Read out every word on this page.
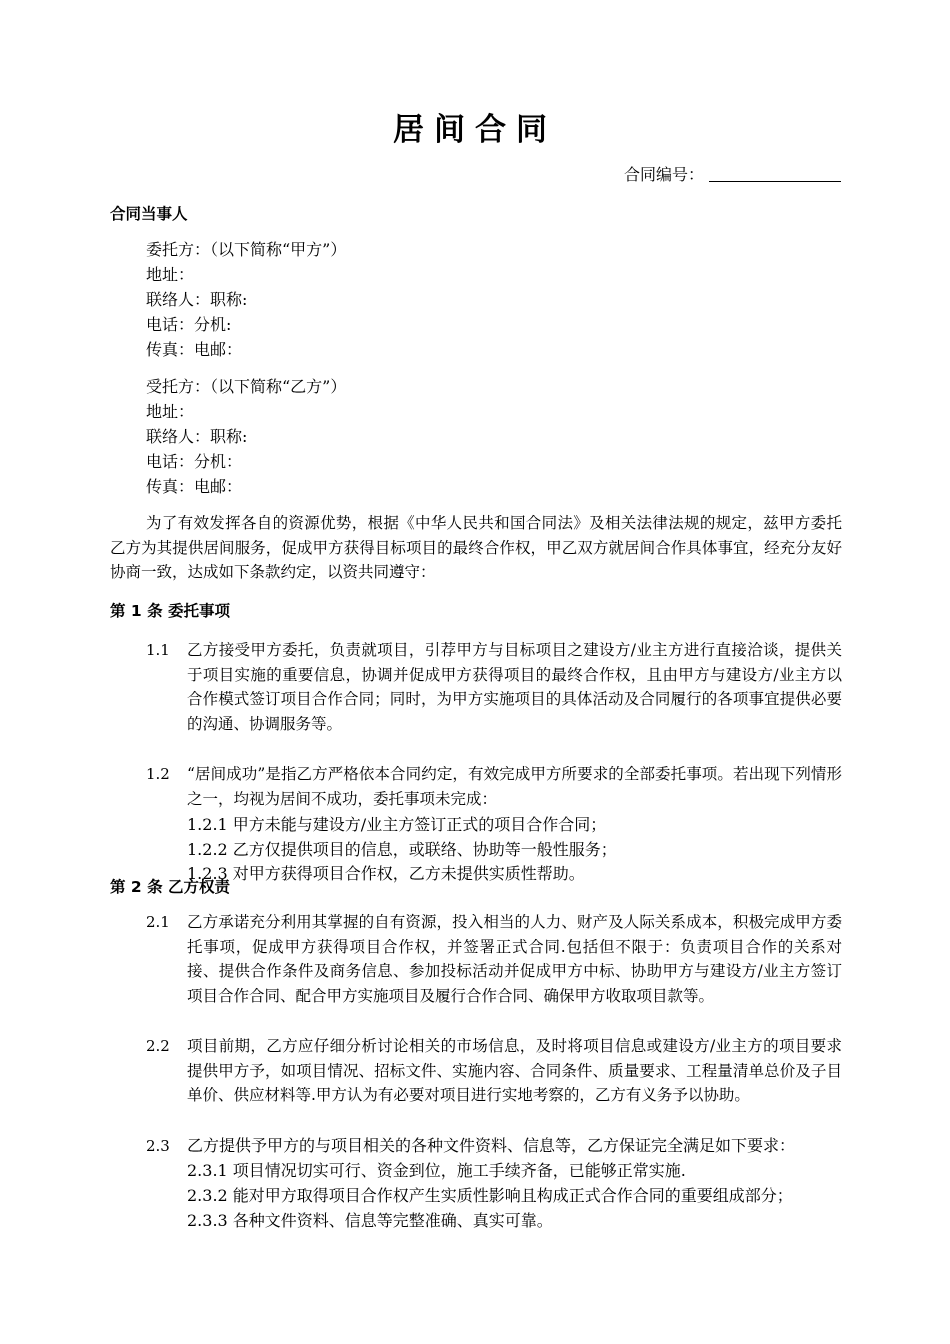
居间合同
合同编号：
合同当事人
委托方：（以下简称“甲方”）
地址：
联络人：职称:
电话：分机:
传真：电邮：
受托方：（以下简称“乙方”）
地址：
联络人：职称:
电话：分机：
传真：电邮：
为了有效发挥各自的资源优势，根据《中华人民共和国合同法》及相关法律法规的规定，兹甲方委托乙方为其提供居间服务，促成甲方获得目标项目的最终合作权，甲乙双方就居间合作具体事宜，经充分友好协商一致，达成如下条款约定，以资共同遵守：
第 1 条 委托事项
1.1 乙方接受甲方委托，负责就项目，引荐甲方与目标项目之建设方/业主方进行直接洽谈，提供关于项目实施的重要信息，协调并促成甲方获得项目的最终合作权，且由甲方与建设方/业主方以合作模式签订项目合作合同；同时，为甲方实施项目的具体活动及合同履行的各项事宜提供必要的沟通、协调服务等。
1.2 “居间成功”是指乙方严格依本合同约定，有效完成甲方所要求的全部委托事项。若出现下列情形之一，均视为居间不成功，委托事项未完成：
1.2.1 甲方未能与建设方/业主方签订正式的项目合作合同；
1.2.2 乙方仅提供项目的信息，或联络、协助等一般性服务；
1.2.3 对甲方获得项目合作权，乙方未提供实质性帮助。
第 2 条 乙方权责
2.1 乙方承诺充分利用其掌握的自有资源，投入相当的人力、财产及人际关系成本，积极完成甲方委托事项，促成甲方获得项目合作权，并签署正式合同.包括但不限于：负责项目合作的关系对接、提供合作条件及商务信息、参加投标活动并促成甲方中标、协助甲方与建设方/业主方签订项目合作合同、配合甲方实施项目及履行合作合同、确保甲方收取项目款等。
2.2 项目前期，乙方应仔细分析讨论相关的市场信息，及时将项目信息或建设方/业主方的项目要求提供甲方予，如项目情况、招标文件、实施内容、合同条件、质量要求、工程量清单总价及子目单价、供应材料等.甲方认为有必要对项目进行实地考察的，乙方有义务予以协助。
2.3 乙方提供予甲方的与项目相关的各种文件资料、信息等，乙方保证完全满足如下要求：
2.3.1 项目情况切实可行、资金到位，施工手续齐备，已能够正常实施.
2.3.2 能对甲方取得项目合作权产生实质性影响且构成正式合作合同的重要组成部分；
2.3.3 各种文件资料、信息等完整准确、真实可靠。
